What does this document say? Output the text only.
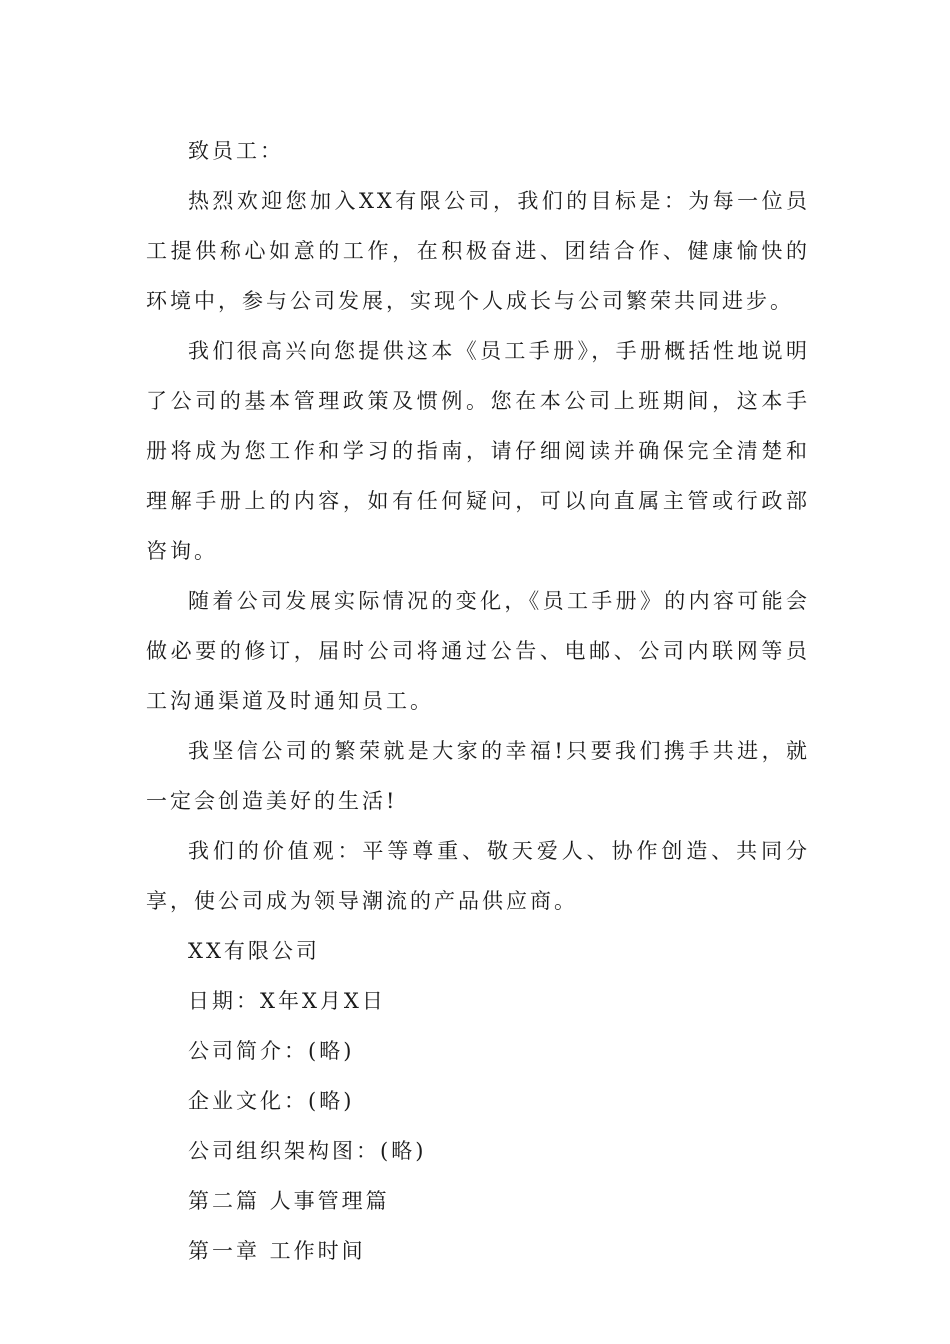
致员工：

热烈欢迎您加入XX有限公司，我们的目标是：为每一位员工提供称心如意的工作，在积极奋进、团结合作、健康愉快的环境中，参与公司发展，实现个人成长与公司繁荣共同进步。

我们很高兴向您提供这本《员工手册》，手册概括性地说明了公司的基本管理政策及惯例。您在本公司上班期间，这本手册将成为您工作和学习的指南，请仔细阅读并确保完全清楚和理解手册上的内容，如有任何疑问，可以向直属主管或行政部咨询。

随着公司发展实际情况的变化，《员工手册》的内容可能会做必要的修订，届时公司将通过公告、电邮、公司内联网等员工沟通渠道及时通知员工。

我坚信公司的繁荣就是大家的幸福!只要我们携手共进，就一定会创造美好的生活!

我们的价值观：平等尊重、敬天爱人、协作创造、共同分享，使公司成为领导潮流的产品供应商。

XX有限公司

日期：X年X月X日

公司简介：(略)

企业文化：(略)

公司组织架构图：(略)

第二篇 人事管理篇

第一章 工作时间
